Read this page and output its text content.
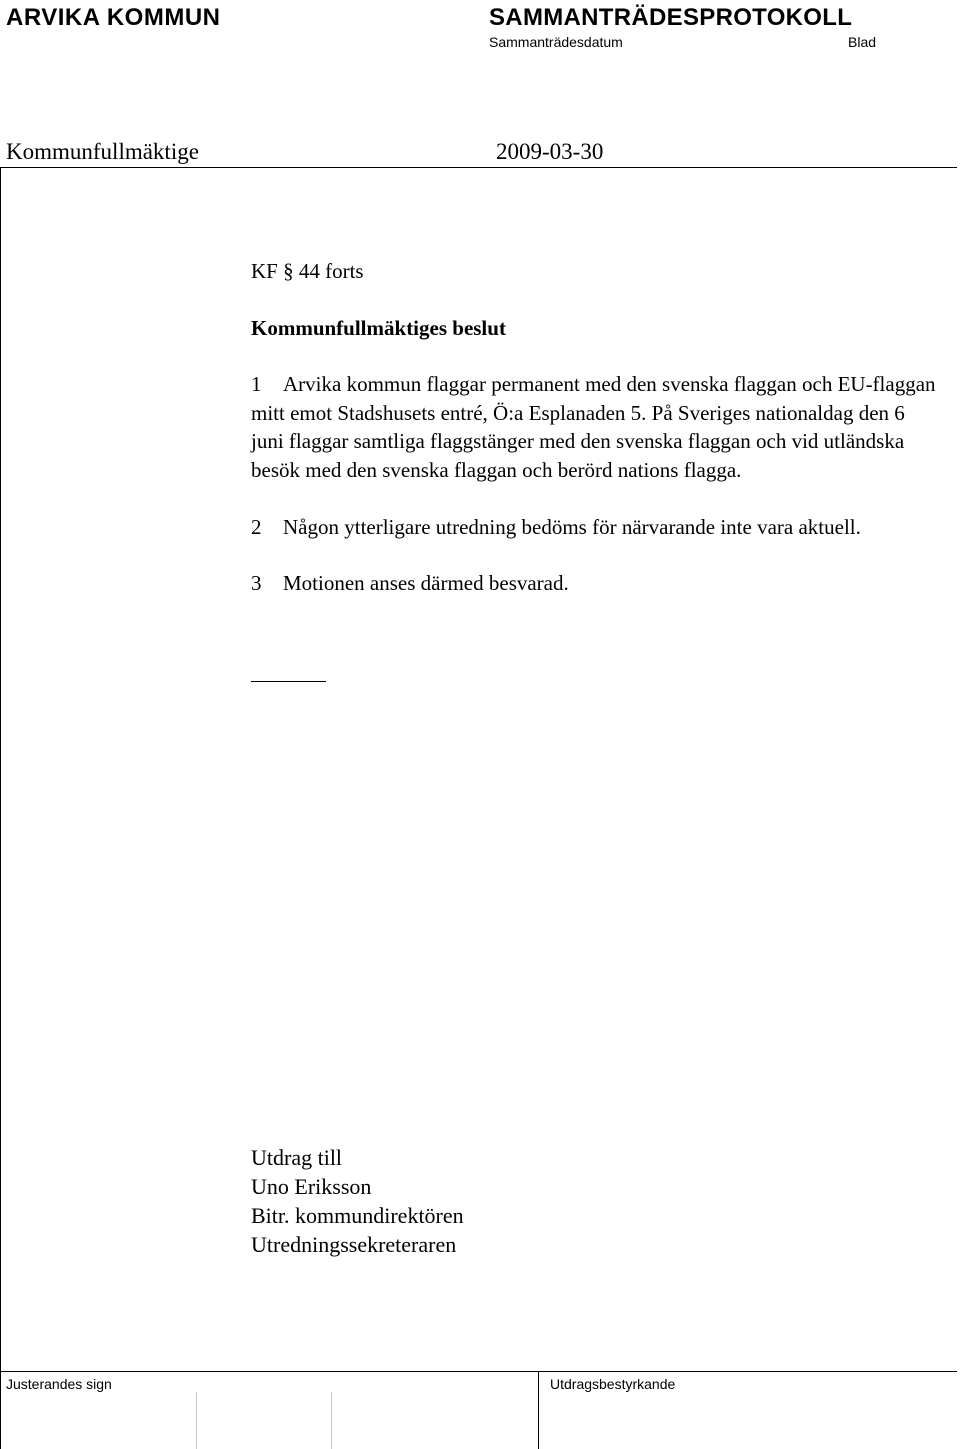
ARVIKA KOMMUN	SAMMANTRÄDESPROTOKOLL
Sammanträdesdatum	Blad
Kommunfullmäktige	2009-03-30

KF § 44 forts

Kommunfullmäktiges beslut

1 Arvika kommun flaggar permanent med den svenska flaggan och EU-flaggan mitt emot Stadshusets entré, Ö:a Esplanaden 5. På Sveriges nationaldag den 6 juni flaggar samtliga flaggstänger med den svenska flaggan och vid utländska besök med den svenska flaggan och berörd nations flagga.

2 Någon ytterligare utredning bedöms för närvarande inte vara aktuell.

3 Motionen anses därmed besvarad.

Utdrag till
Uno Eriksson
Bitr. kommundirektören
Utredningssekreteraren
Justerandes sign	Utdragsbestyrkande
